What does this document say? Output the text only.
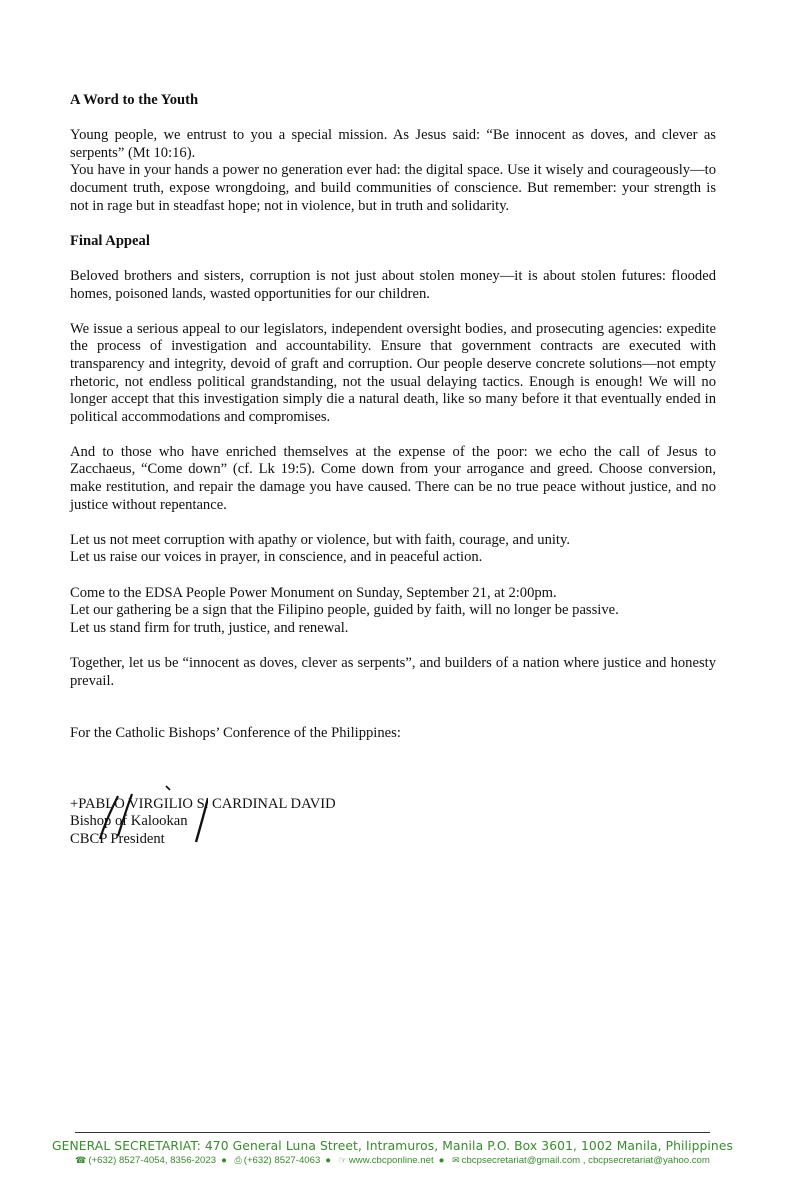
A Word to the Youth

Young people, we entrust to you a special mission. As Jesus said: “Be innocent as doves, and clever as serpents” (Mt 10:16).

You have in your hands a power no generation ever had: the digital space. Use it wisely and courageously—to document truth, expose wrongdoing, and build communities of conscience. But remember: your strength is not in rage but in steadfast hope; not in violence, but in truth and solidarity.

Final Appeal

Beloved brothers and sisters, corruption is not just about stolen money—it is about stolen futures: flooded homes, poisoned lands, wasted opportunities for our children.

We issue a serious appeal to our legislators, independent oversight bodies, and prosecuting agencies: expedite the process of investigation and accountability. Ensure that government contracts are executed with transparency and integrity, devoid of graft and corruption. Our people deserve concrete solutions—not empty rhetoric, not endless political grandstanding, not the usual delaying tactics. Enough is enough! We will no longer accept that this investigation simply die a natural death, like so many before it that eventually ended in political accommodations and compromises.

And to those who have enriched themselves at the expense of the poor: we echo the call of Jesus to Zacchaeus, “Come down” (cf. Lk 19:5). Come down from your arrogance and greed. Choose conversion, make restitution, and repair the damage you have caused. There can be no true peace without justice, and no justice without repentance.

Let us not meet corruption with apathy or violence, but with faith, courage, and unity.

Let us raise our voices in prayer, in conscience, and in peaceful action.

Come to the EDSA People Power Monument on Sunday, September 21, at 2:00pm.

Let our gathering be a sign that the Filipino people, guided by faith, will no longer be passive.

Let us stand firm for truth, justice, and renewal.

Together, let us be “innocent as doves, clever as serpents”, and builders of a nation where justice and honesty prevail.

For the Catholic Bishops’ Conference of the Philippines:

+PABLO VIRGILIO S. CARDINAL DAVID

Bishop of Kalookan

CBCP President

GENERAL SECRETARIAT: 470 General Luna Street, Intramuros, Manila P.O. Box 3601, 1002 Manila, Philippines
☎ (+632) 8527-4054, 8356-2023 ● ⎙ (+632) 8527-4063 ● ☞ www.cbcponline.net ● ✉ cbcpsecretariat@gmail.com , cbcpsecretariat@yahoo.com
